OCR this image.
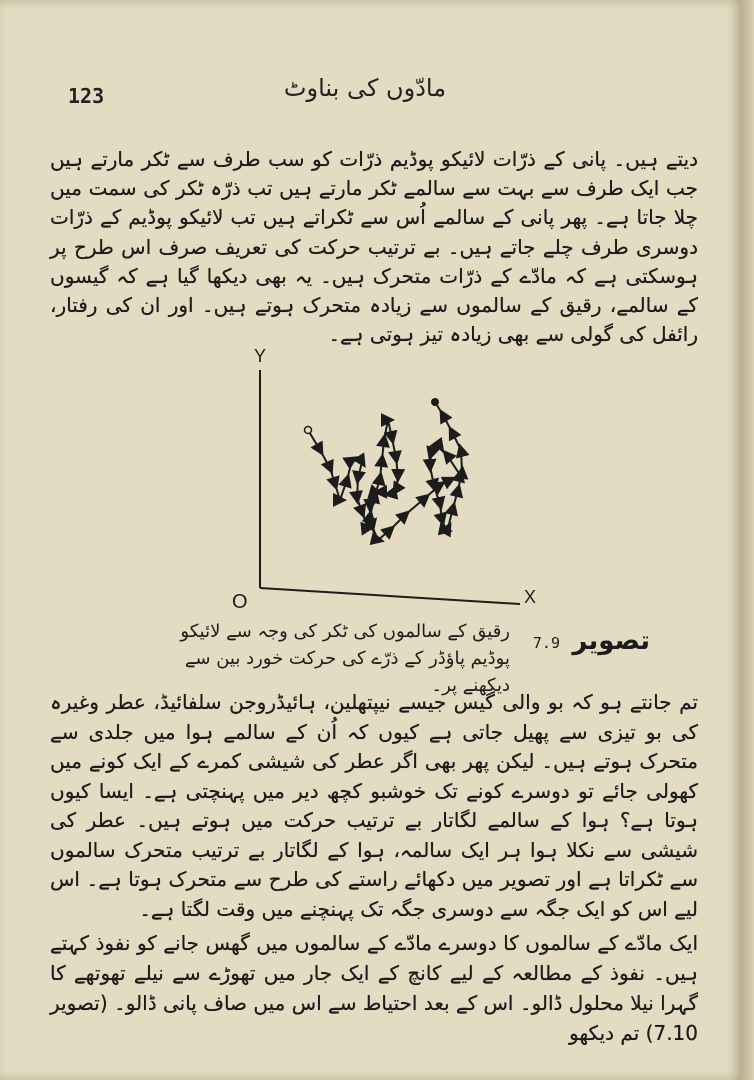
123	مادّوں کی بناوٹ

دیتے ہیں۔ پانی کے ذرّات لائیکو پوڈیم ذرّات کو سب طرف سے ٹکر مارتے ہیں جب ایک طرف سے بہت سے سالمے ٹکر مارتے ہیں تب ذرّہ ٹکر کی سمت میں چلا جاتا ہے۔ پھر پانی کے سالمے اُس سے ٹکراتے ہیں تب لائیکو پوڈیم کے ذرّات دوسری طرف چلے جاتے ہیں۔ بے ترتیب حرکت کی تعریف صرف اس طرح پر ہوسکتی ہے کہ مادّے کے ذرّات متحرک ہیں۔ یہ بھی دیکھا گیا ہے کہ گیسوں کے سالمے، رقیق کے سالموں سے زیادہ متحرک ہوتے ہیں۔ اور ان کی رفتار، رائفل کی گولی سے بھی زیادہ تیز ہوتی ہے۔

Y
X
O
تصویر
7.9
رقیق کے سالموں کی ٹکر کی وجہ سے لائیکو پوڈیم پاؤڈر کے ذرّے کی حرکت خورد بین سے دیکھنے پر۔

تم جانتے ہو کہ بو والی گیس جیسے نیپتھلین، ہائیڈروجن سلفائیڈ، عطر وغیرہ کی بو تیزی سے پھیل جاتی ہے کیوں کہ اُن کے سالمے ہوا میں جلدی سے متحرک ہوتے ہیں۔ لیکن پھر بھی اگر عطر کی شیشی کمرے کے ایک کونے میں کھولی جائے تو دوسرے کونے تک خوشبو کچھ دیر میں پہنچتی ہے۔ ایسا کیوں ہوتا ہے؟ ہوا کے سالمے لگاتار بے ترتیب حرکت میں ہوتے ہیں۔ عطر کی شیشی سے نکلا ہوا ہر ایک سالمہ، ہوا کے لگاتار بے ترتیب متحرک سالموں سے ٹکراتا ہے اور تصویر میں دکھائے راستے کی طرح سے متحرک ہوتا ہے۔ اس لیے اس کو ایک جگہ سے دوسری جگہ تک پہنچنے میں وقت لگتا ہے۔

ایک مادّے کے سالموں کا دوسرے مادّے کے سالموں میں گھس جانے کو نفوذ کہتے ہیں۔ نفوذ کے مطالعہ کے لیے کانچ کے ایک جار میں تھوڑے سے نیلے تھوتھے کا گہرا نیلا محلول ڈالو۔ اس کے بعد احتیاط سے اس میں صاف پانی ڈالو۔ (تصویر 7.10) تم دیکھو
